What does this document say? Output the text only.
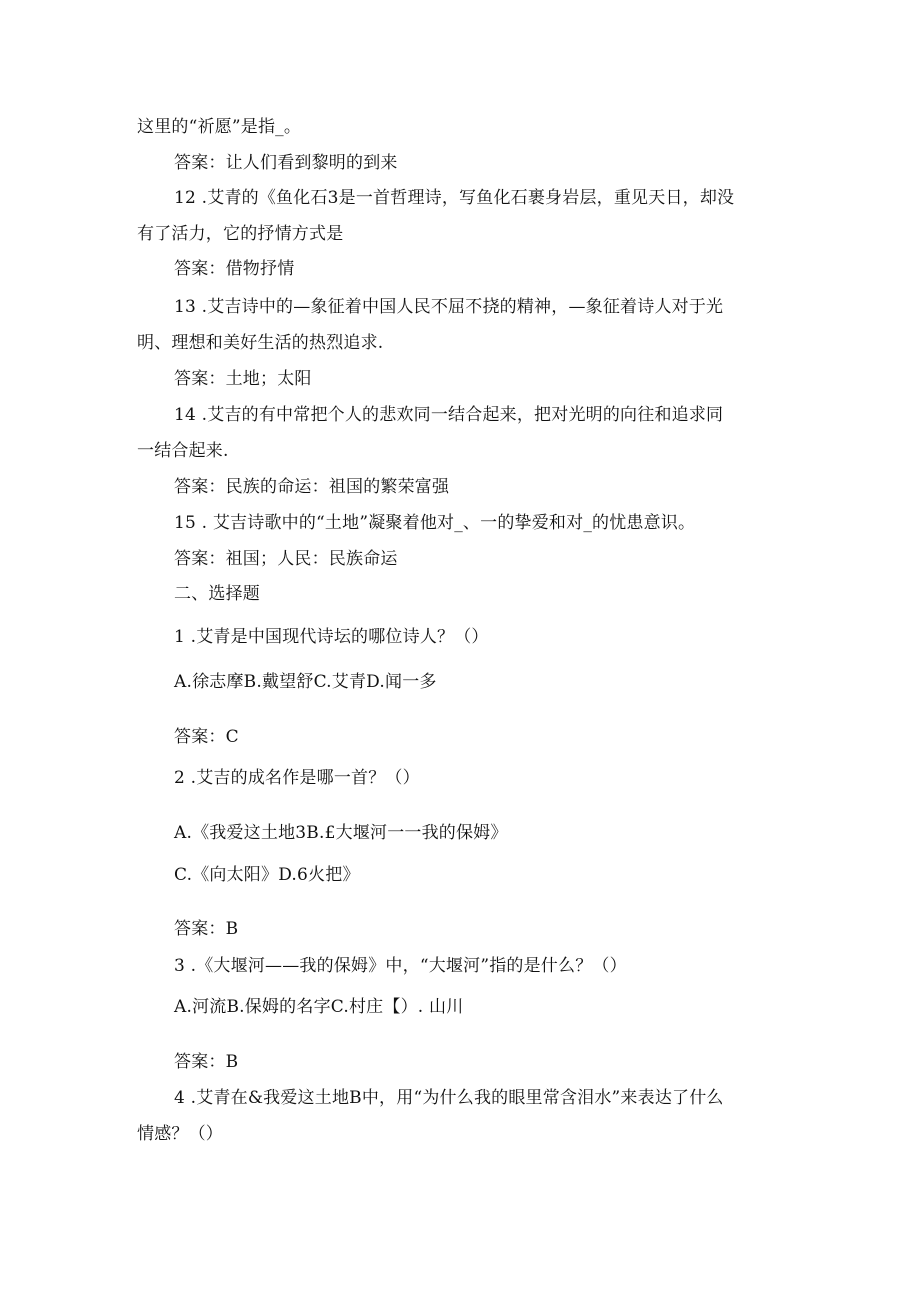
这里的“祈愿”是指_。
答案：让人们看到黎明的到来
12 .艾青的《鱼化石3是一首哲理诗，写鱼化石裹身岩层，重见天日，却没
有了活力，它的抒情方式是
答案：借物抒情
13 .艾吉诗中的—象征着中国人民不屈不挠的精神，—象征着诗人对于光
明、理想和美好生活的热烈追求.
答案：土地；太阳
14 .艾吉的有中常把个人的悲欢同一结合起来，把对光明的向往和追求同
一结合起来.
答案：民族的命运：祖国的繁荣富强
15 . 艾吉诗歌中的“土地”凝聚着他对_、一的挚爱和对_的忧患意识。
答案：祖国；人民：民族命运
二、选择题
1 .艾青是中国现代诗坛的哪位诗人？（）
A.徐志摩B.戴望舒C.艾青D.闻一多
答案：C
2 .艾吉的成名作是哪一首？（）
A.《我爱这土地3B.£大堰河一一我的保姆》
C.《向太阳》D.6火把》
答案：B
3 .《大堰河——我的保姆》中，“大堰河”指的是什么？（）
A.河流B.保姆的名字C.村庄【）. 山川
答案：B
4 .艾青在&我爱这土地B中，用“为什么我的眼里常含泪水”来表达了什么
情感？（）
